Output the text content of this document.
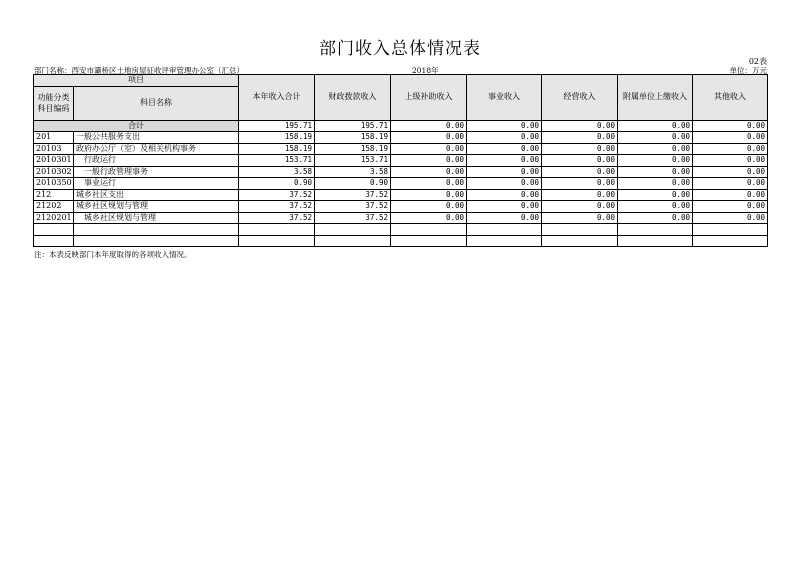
部门收入总体情况表
02表
部门名称：西安市灞桥区土地房屋征收评审管理办公室（汇总）	2018年	单位：万元
项目		本年收入合计	财政拨款收入	上级补助收入	事业收入	经营收入	附属单位上缴收入	其他收入
功能分类科目编码	科目名称							
合计		195.71	195.71	0.00	0.00	0.00	0.00	0.00
201	一般公共服务支出	158.19	158.19	0.00	0.00	0.00	0.00	0.00
20103	政府办公厅（室）及相关机构事务	158.19	158.19	0.00	0.00	0.00	0.00	0.00
2010301	　行政运行	153.71	153.71	0.00	0.00	0.00	0.00	0.00
2010302	　一般行政管理事务	3.58	3.58	0.00	0.00	0.00	0.00	0.00
2010350	　事业运行	0.90	0.90	0.00	0.00	0.00	0.00	0.00
212	城乡社区支出	37.52	37.52	0.00	0.00	0.00	0.00	0.00
21202	城乡社区规划与管理	37.52	37.52	0.00	0.00	0.00	0.00	0.00
2120201	　城乡社区规划与管理	37.52	37.52	0.00	0.00	0.00	0.00	0.00

注：本表反映部门本年度取得的各项收入情况。
